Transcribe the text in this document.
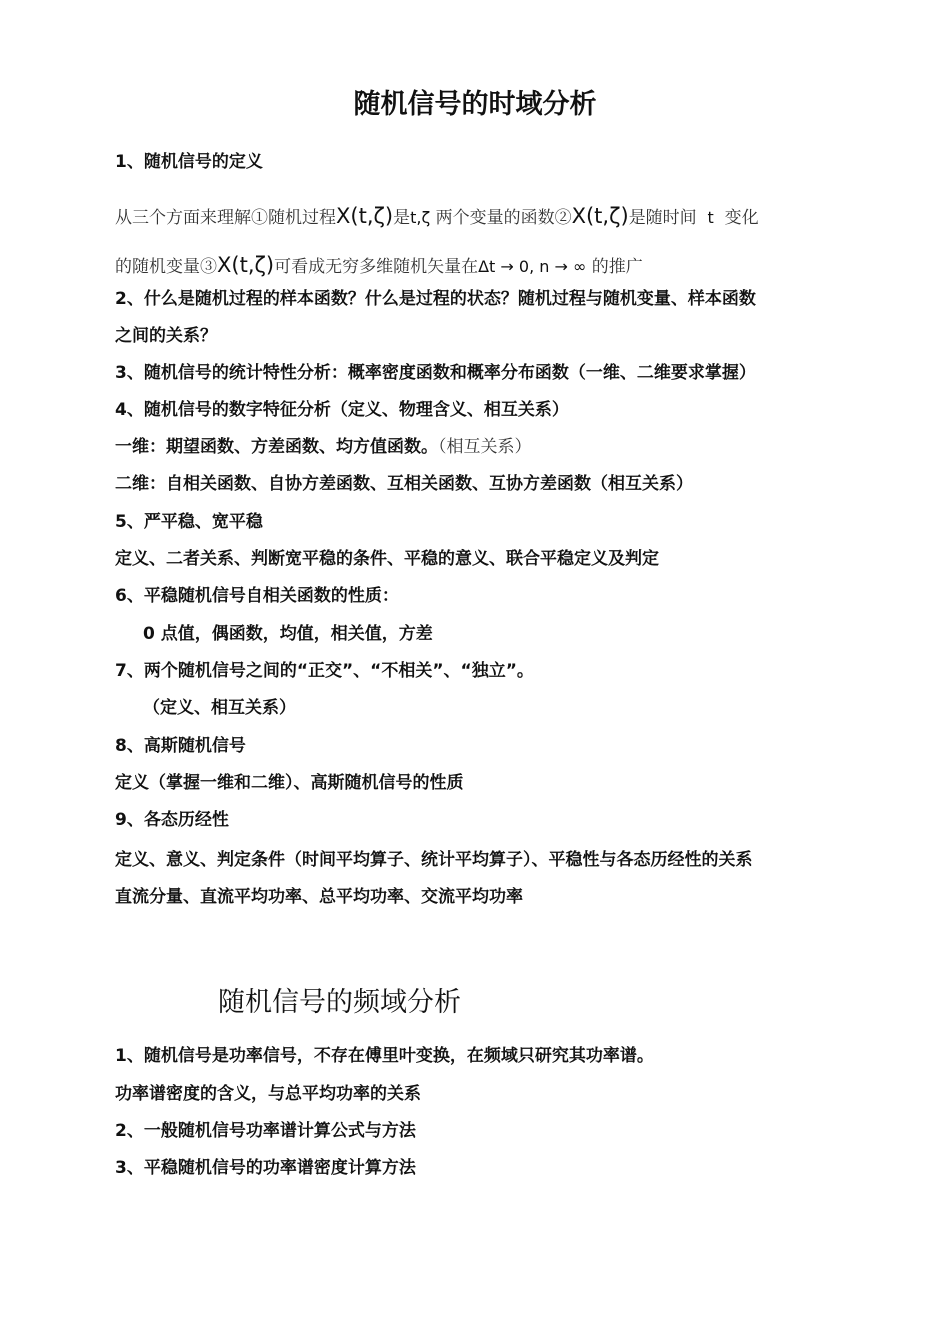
随机信号的时域分析
1、随机信号的定义
从三个方面来理解①随机过程X(t,ζ)是t,ζ 两个变量的函数②X(t,ζ)是随时间 t 变化
的随机变量③X(t,ζ)可看成无穷多维随机矢量在Δt → 0, n → ∞ 的推广
2、什么是随机过程的样本函数？什么是过程的状态？随机过程与随机变量、样本函数
之间的关系？
3、随机信号的统计特性分析：概率密度函数和概率分布函数（一维、二维要求掌握）
4、随机信号的数字特征分析（定义、物理含义、相互关系）
一维：期望函数、方差函数、均方值函数。（相互关系）
二维：自相关函数、自协方差函数、互相关函数、互协方差函数（相互关系）
5、严平稳、宽平稳
定义、二者关系、判断宽平稳的条件、平稳的意义、联合平稳定义及判定
6、平稳随机信号自相关函数的性质：
0 点值，偶函数，均值，相关值，方差
7、两个随机信号之间的“正交”、“不相关”、“独立”。
（定义、相互关系）
8、高斯随机信号
定义（掌握一维和二维）、高斯随机信号的性质
9、各态历经性
定义、意义、判定条件（时间平均算子、统计平均算子）、平稳性与各态历经性的关系
直流分量、直流平均功率、总平均功率、交流平均功率
随机信号的频域分析
1、随机信号是功率信号，不存在傅里叶变换，在频域只研究其功率谱。
功率谱密度的含义，与总平均功率的关系
2、一般随机信号功率谱计算公式与方法
3、平稳随机信号的功率谱密度计算方法
